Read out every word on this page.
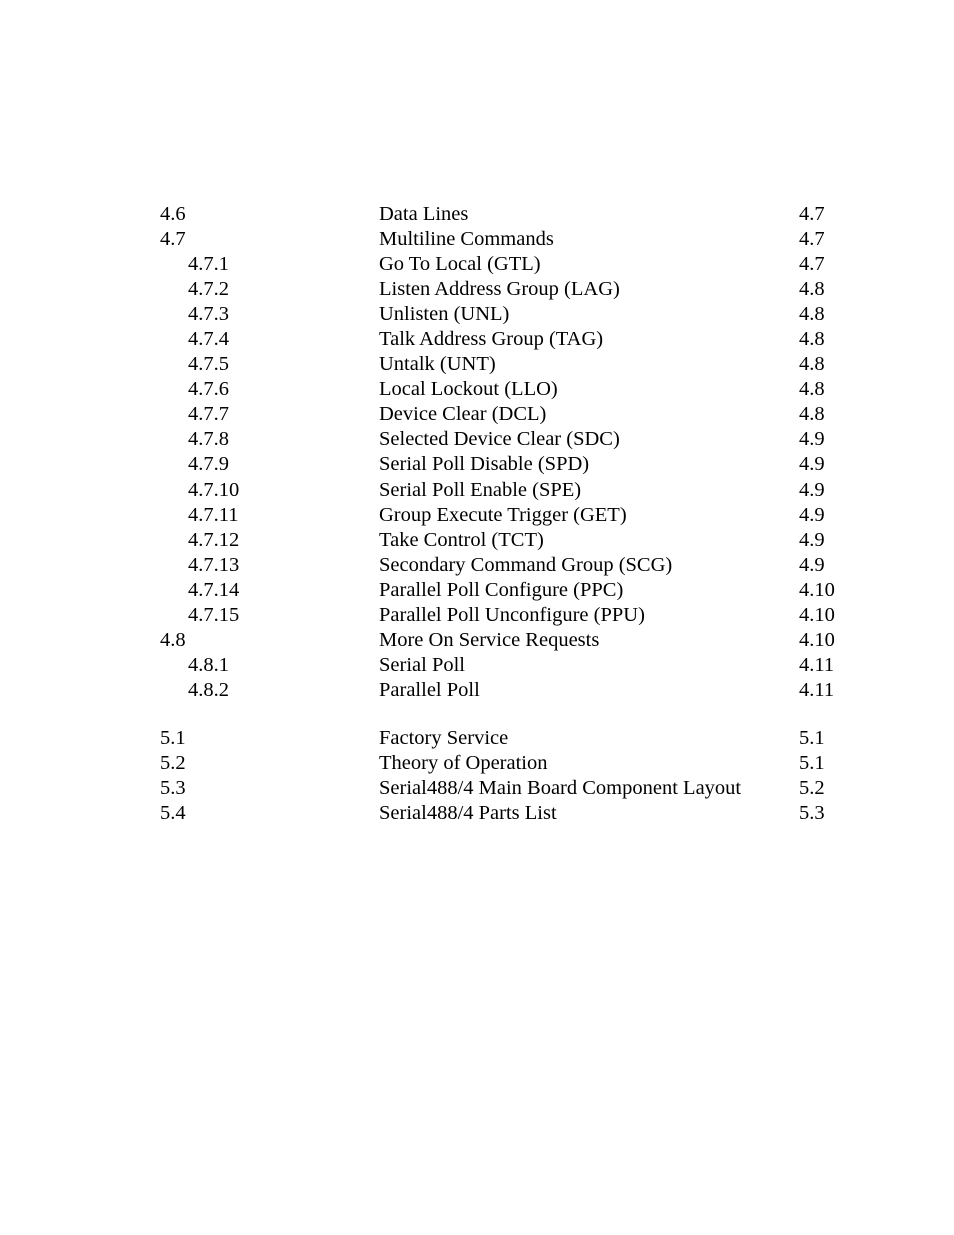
4.6	Data Lines	4.7
4.7	Multiline Commands	4.7
4.7.1	Go To Local (GTL)	4.7
4.7.2	Listen Address Group (LAG)	4.8
4.7.3	Unlisten (UNL)	4.8
4.7.4	Talk Address Group (TAG)	4.8
4.7.5	Untalk (UNT)	4.8
4.7.6	Local Lockout (LLO)	4.8
4.7.7	Device Clear (DCL)	4.8
4.7.8	Selected Device Clear (SDC)	4.9
4.7.9	Serial Poll Disable (SPD)	4.9
4.7.10	Serial Poll Enable (SPE)	4.9
4.7.11	Group Execute Trigger (GET)	4.9
4.7.12	Take Control (TCT)	4.9
4.7.13	Secondary Command Group (SCG)	4.9
4.7.14	Parallel Poll Configure (PPC)	4.10
4.7.15	Parallel Poll Unconfigure (PPU)	4.10
4.8	More On Service Requests	4.10
4.8.1	Serial Poll	4.11
4.8.2	Parallel Poll	4.11
5.1	Factory Service	5.1
5.2	Theory of Operation	5.1
5.3	Serial488/4 Main Board Component Layout	5.2
5.4	Serial488/4 Parts List	5.3
